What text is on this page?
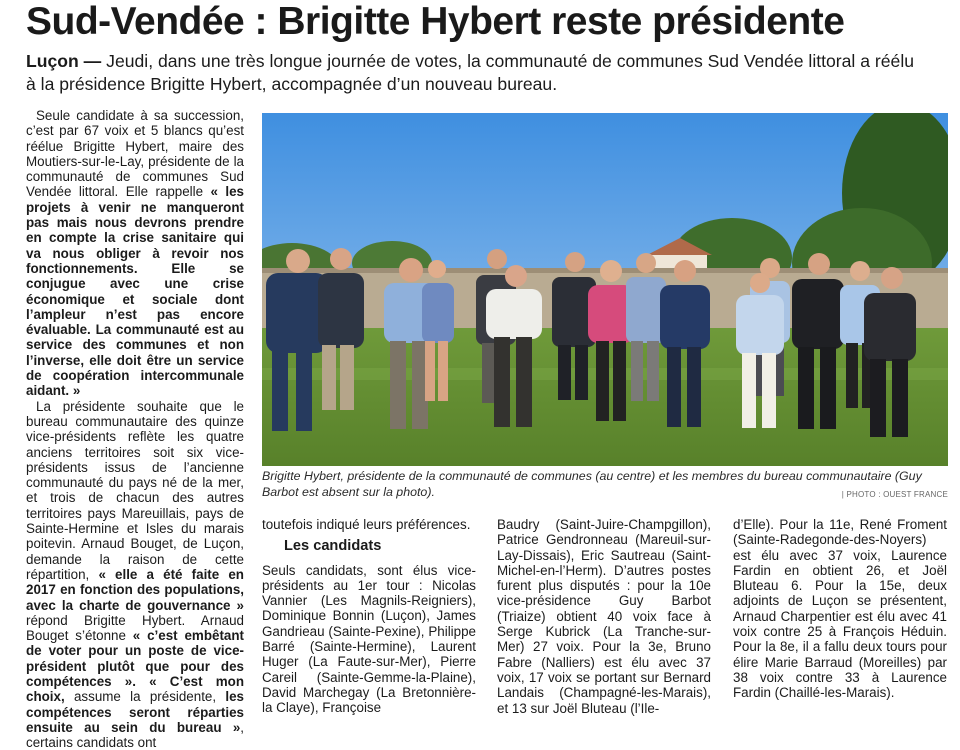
Sud-Vendée : Brigitte Hybert reste présidente
Luçon — Jeudi, dans une très longue journée de votes, la communauté de communes Sud Vendée littoral a réélu à la présidence Brigitte Hybert, accompagnée d’un nouveau bureau.

Seule candidate à sa succession, c’est par 67 voix et 5 blancs qu’est réélue Brigitte Hybert, maire des Moutiers-sur-le-Lay, présidente de la communauté de communes Sud Vendée littoral. Elle rappelle « les projets à venir ne manqueront pas mais nous devrons prendre en compte la crise sanitaire qui va nous obliger à revoir nos fonctionnements. Elle se conjugue avec une crise économique et sociale dont l’ampleur n’est pas encore évaluable. La communauté est au service des communes et non l’inverse, elle doit être un service de coopération intercommunale aidant. »

La présidente souhaite que le bureau communautaire des quinze vice-présidents reflète les quatre anciens territoires soit six vice-présidents issus de l’ancienne communauté du pays né de la mer, et trois de chacun des autres territoires pays Mareuillais, pays de Sainte-Hermine et Isles du marais poitevin. Arnaud Bouget, de Luçon, demande la raison de cette répartition, « elle a été faite en 2017 en fonction des populations, avec la charte de gouvernance » répond Brigitte Hybert. Arnaud Bouget s’étonne « c’est embêtant de voter pour un poste de vice-président plutôt que pour des compétences ». « C’est mon choix, assume la présidente, les compétences seront réparties ensuite au sein du bureau », certains candidats ont

Brigitte Hybert, présidente de la communauté de communes (au centre) et les membres du bureau communautaire (Guy Barbot est absent sur la photo).	| PHOTO : OUEST FRANCE

toutefois indiqué leurs préférences.

Les candidats

Seuls candidats, sont élus vice-présidents au 1er tour : Nicolas Vannier (Les Magnils-Reigniers), Dominique Bonnin (Luçon), James Gandrieau (Sainte-Pexine), Philippe Barré (Sainte-Hermine), Laurent Huger (La Faute-sur-Mer), Pierre Careil (Sainte-Gemme-la-Plaine), David Marchegay (La Bretonnière-la Claye), Françoise

Baudry (Saint-Juire-Champgillon), Patrice Gendronneau (Mareuil-sur-Lay-Dissais), Eric Sautreau (Saint-Michel-en-l’Herm). D’autres postes furent plus disputés : pour la 10e vice-présidence Guy Barbot (Triaize) obtient 40 voix face à Serge Kubrick (La Tranche-sur-Mer) 27 voix. Pour la 3e, Bruno Fabre (Nalliers) est élu avec 37 voix, 17 voix se portant sur Bernard Landais (Champagné-les-Marais), et 13 sur Joël Bluteau (l’Ile-

d’Elle). Pour la 11e, René Froment (Sainte-Radegonde-des-Noyers) est élu avec 37 voix, Laurence Fardin en obtient 26, et Joël Bluteau 6. Pour la 15e, deux adjoints de Luçon se présentent, Arnaud Charpentier est élu avec 41 voix contre 25 à François Héduin. Pour la 8e, il a fallu deux tours pour élire Marie Barraud (Moreilles) par 38 voix contre 33 à Laurence Fardin (Chaillé-les-Marais).
